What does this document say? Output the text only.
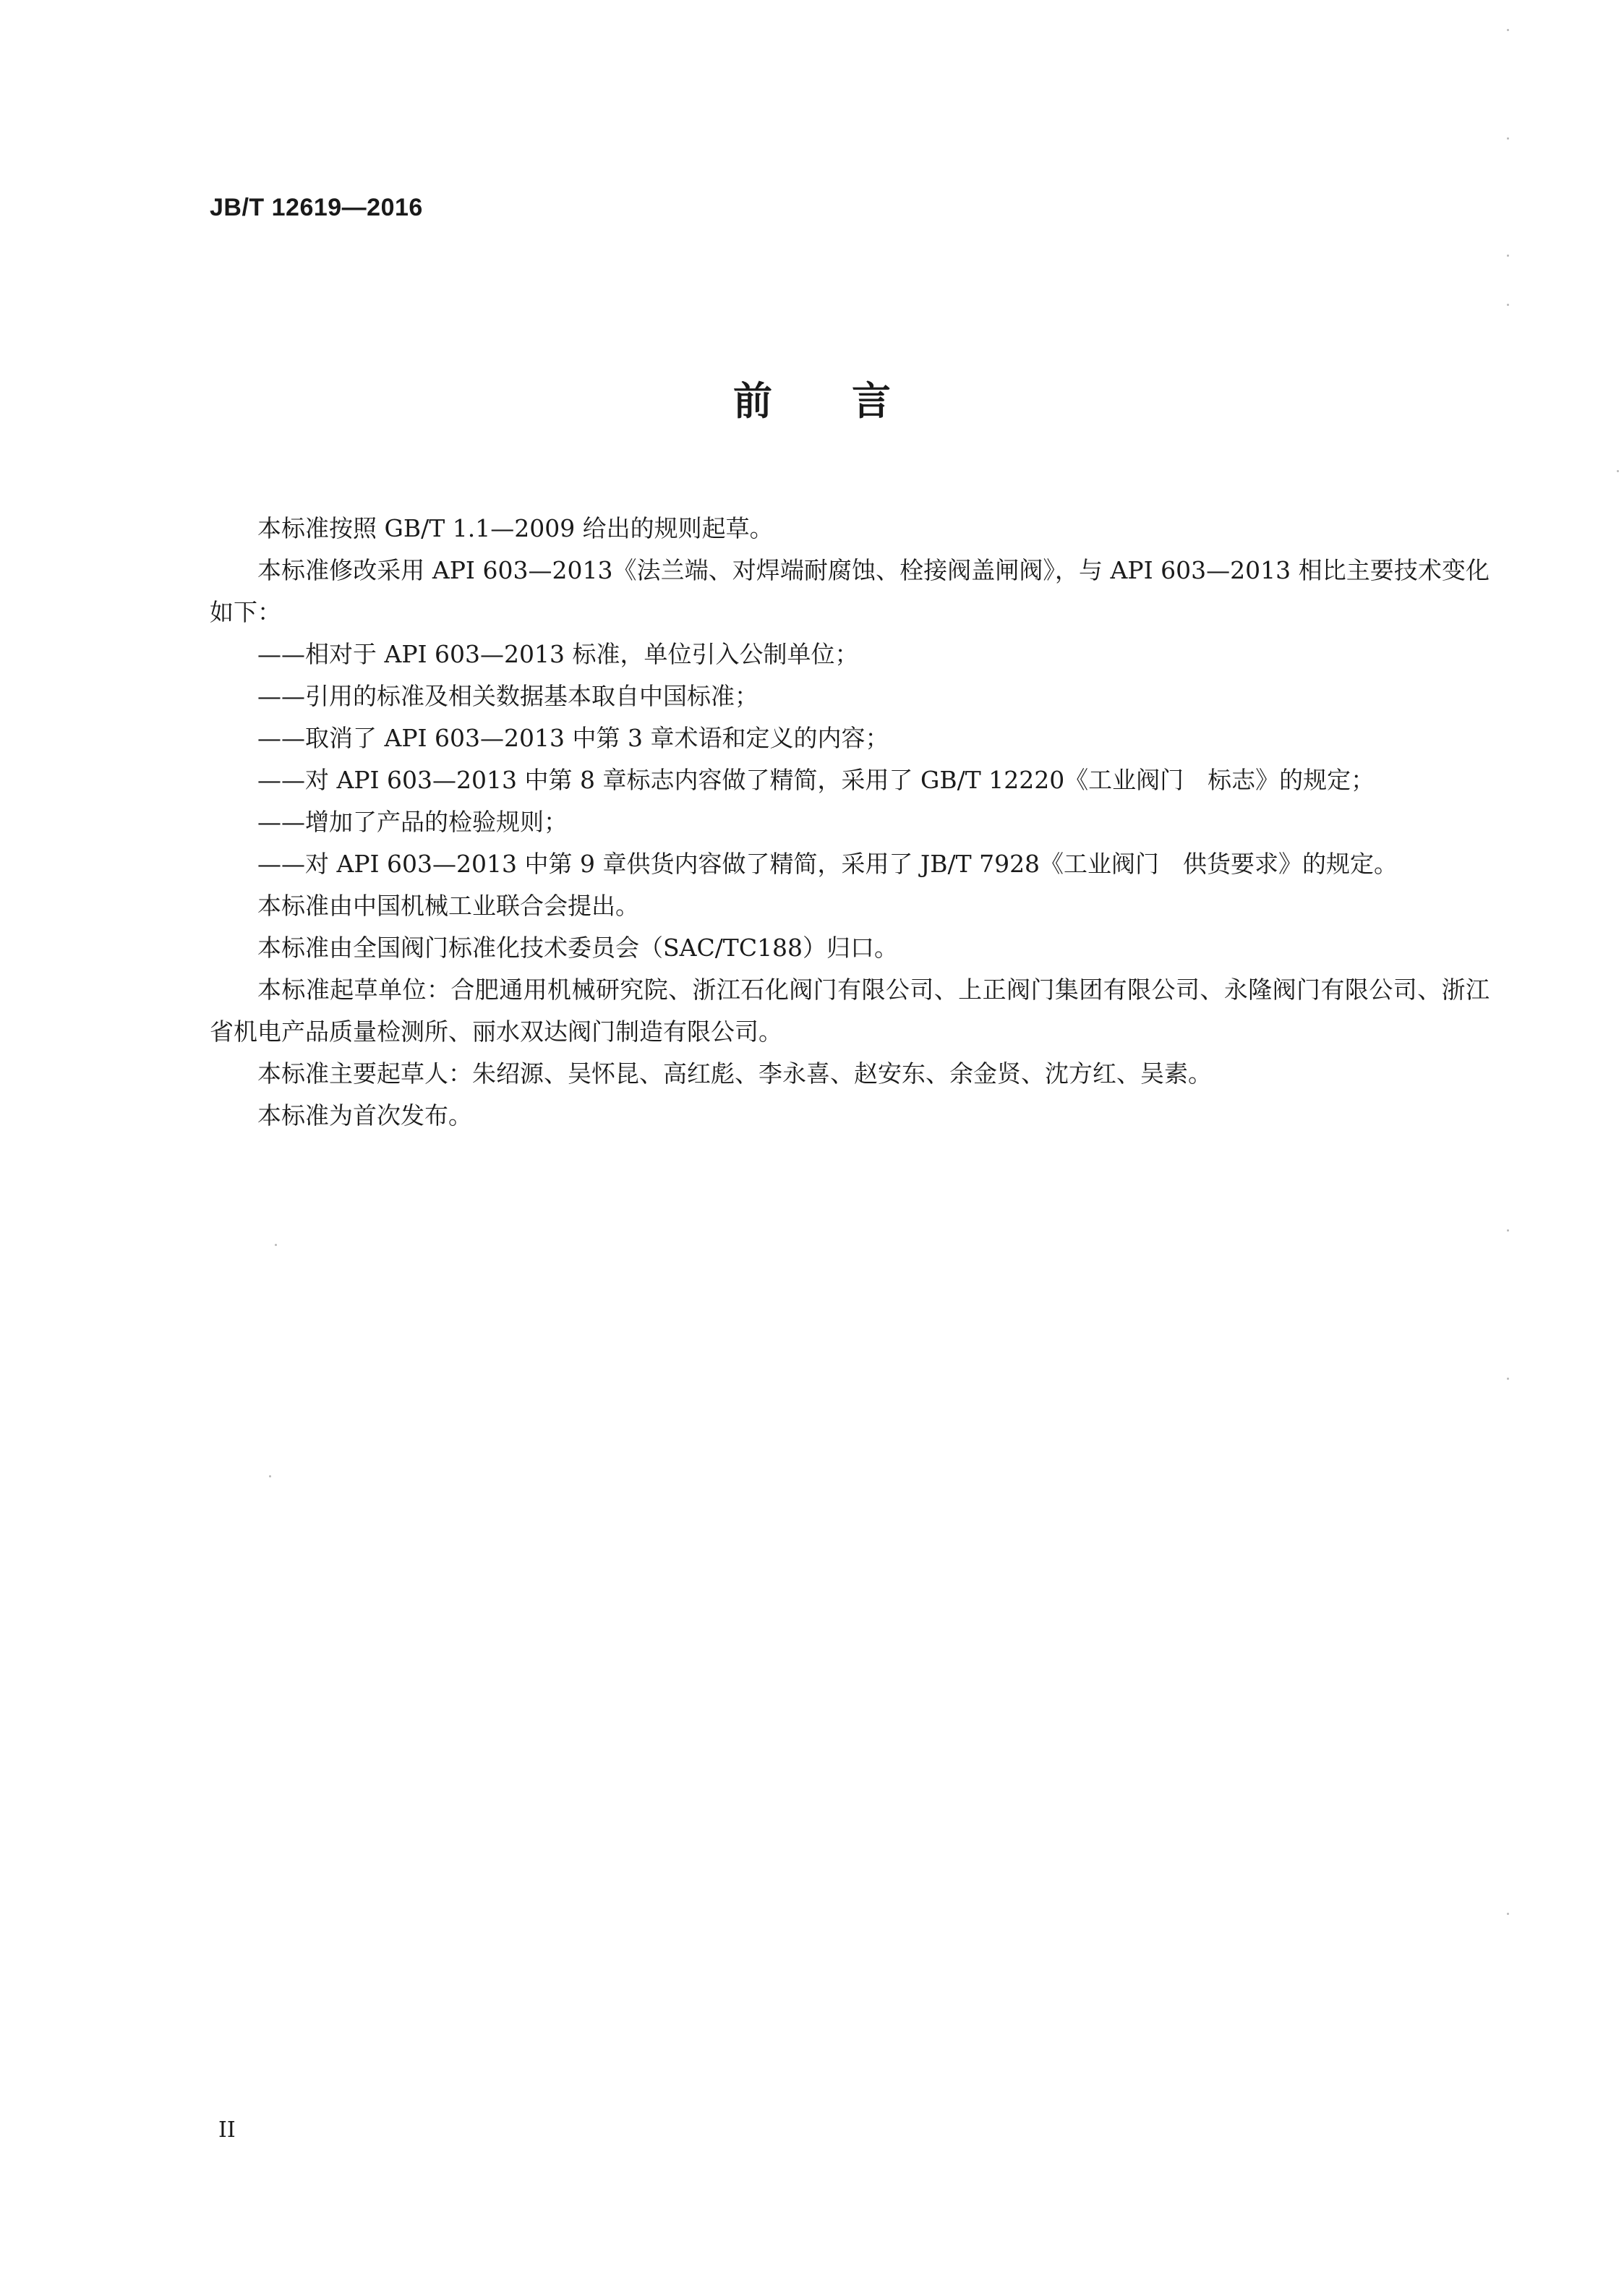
JB/T 12619—2016
前言

本标准按照 GB/T 1.1—2009 给出的规则起草。

本标准修改采用 API 603—2013《法兰端、对焊端耐腐蚀、栓接阀盖闸阀》，与 API 603—2013 相比主要技术变化如下：

——相对于 API 603—2013 标准，单位引入公制单位；

——引用的标准及相关数据基本取自中国标准；

——取消了 API 603—2013 中第 3 章术语和定义的内容；

——对 API 603—2013 中第 8 章标志内容做了精简，采用了 GB/T 12220《工业阀门　标志》的规定；

——增加了产品的检验规则；

——对 API 603—2013 中第 9 章供货内容做了精简，采用了 JB/T 7928《工业阀门　供货要求》的规定。

本标准由中国机械工业联合会提出。

本标准由全国阀门标准化技术委员会（SAC/TC188）归口。

本标准起草单位：合肥通用机械研究院、浙江石化阀门有限公司、上正阀门集团有限公司、永隆阀门有限公司、浙江省机电产品质量检测所、丽水双达阀门制造有限公司。

本标准主要起草人：朱绍源、吴怀昆、高红彪、李永喜、赵安东、余金贤、沈方红、吴素。

本标准为首次发布。

II
